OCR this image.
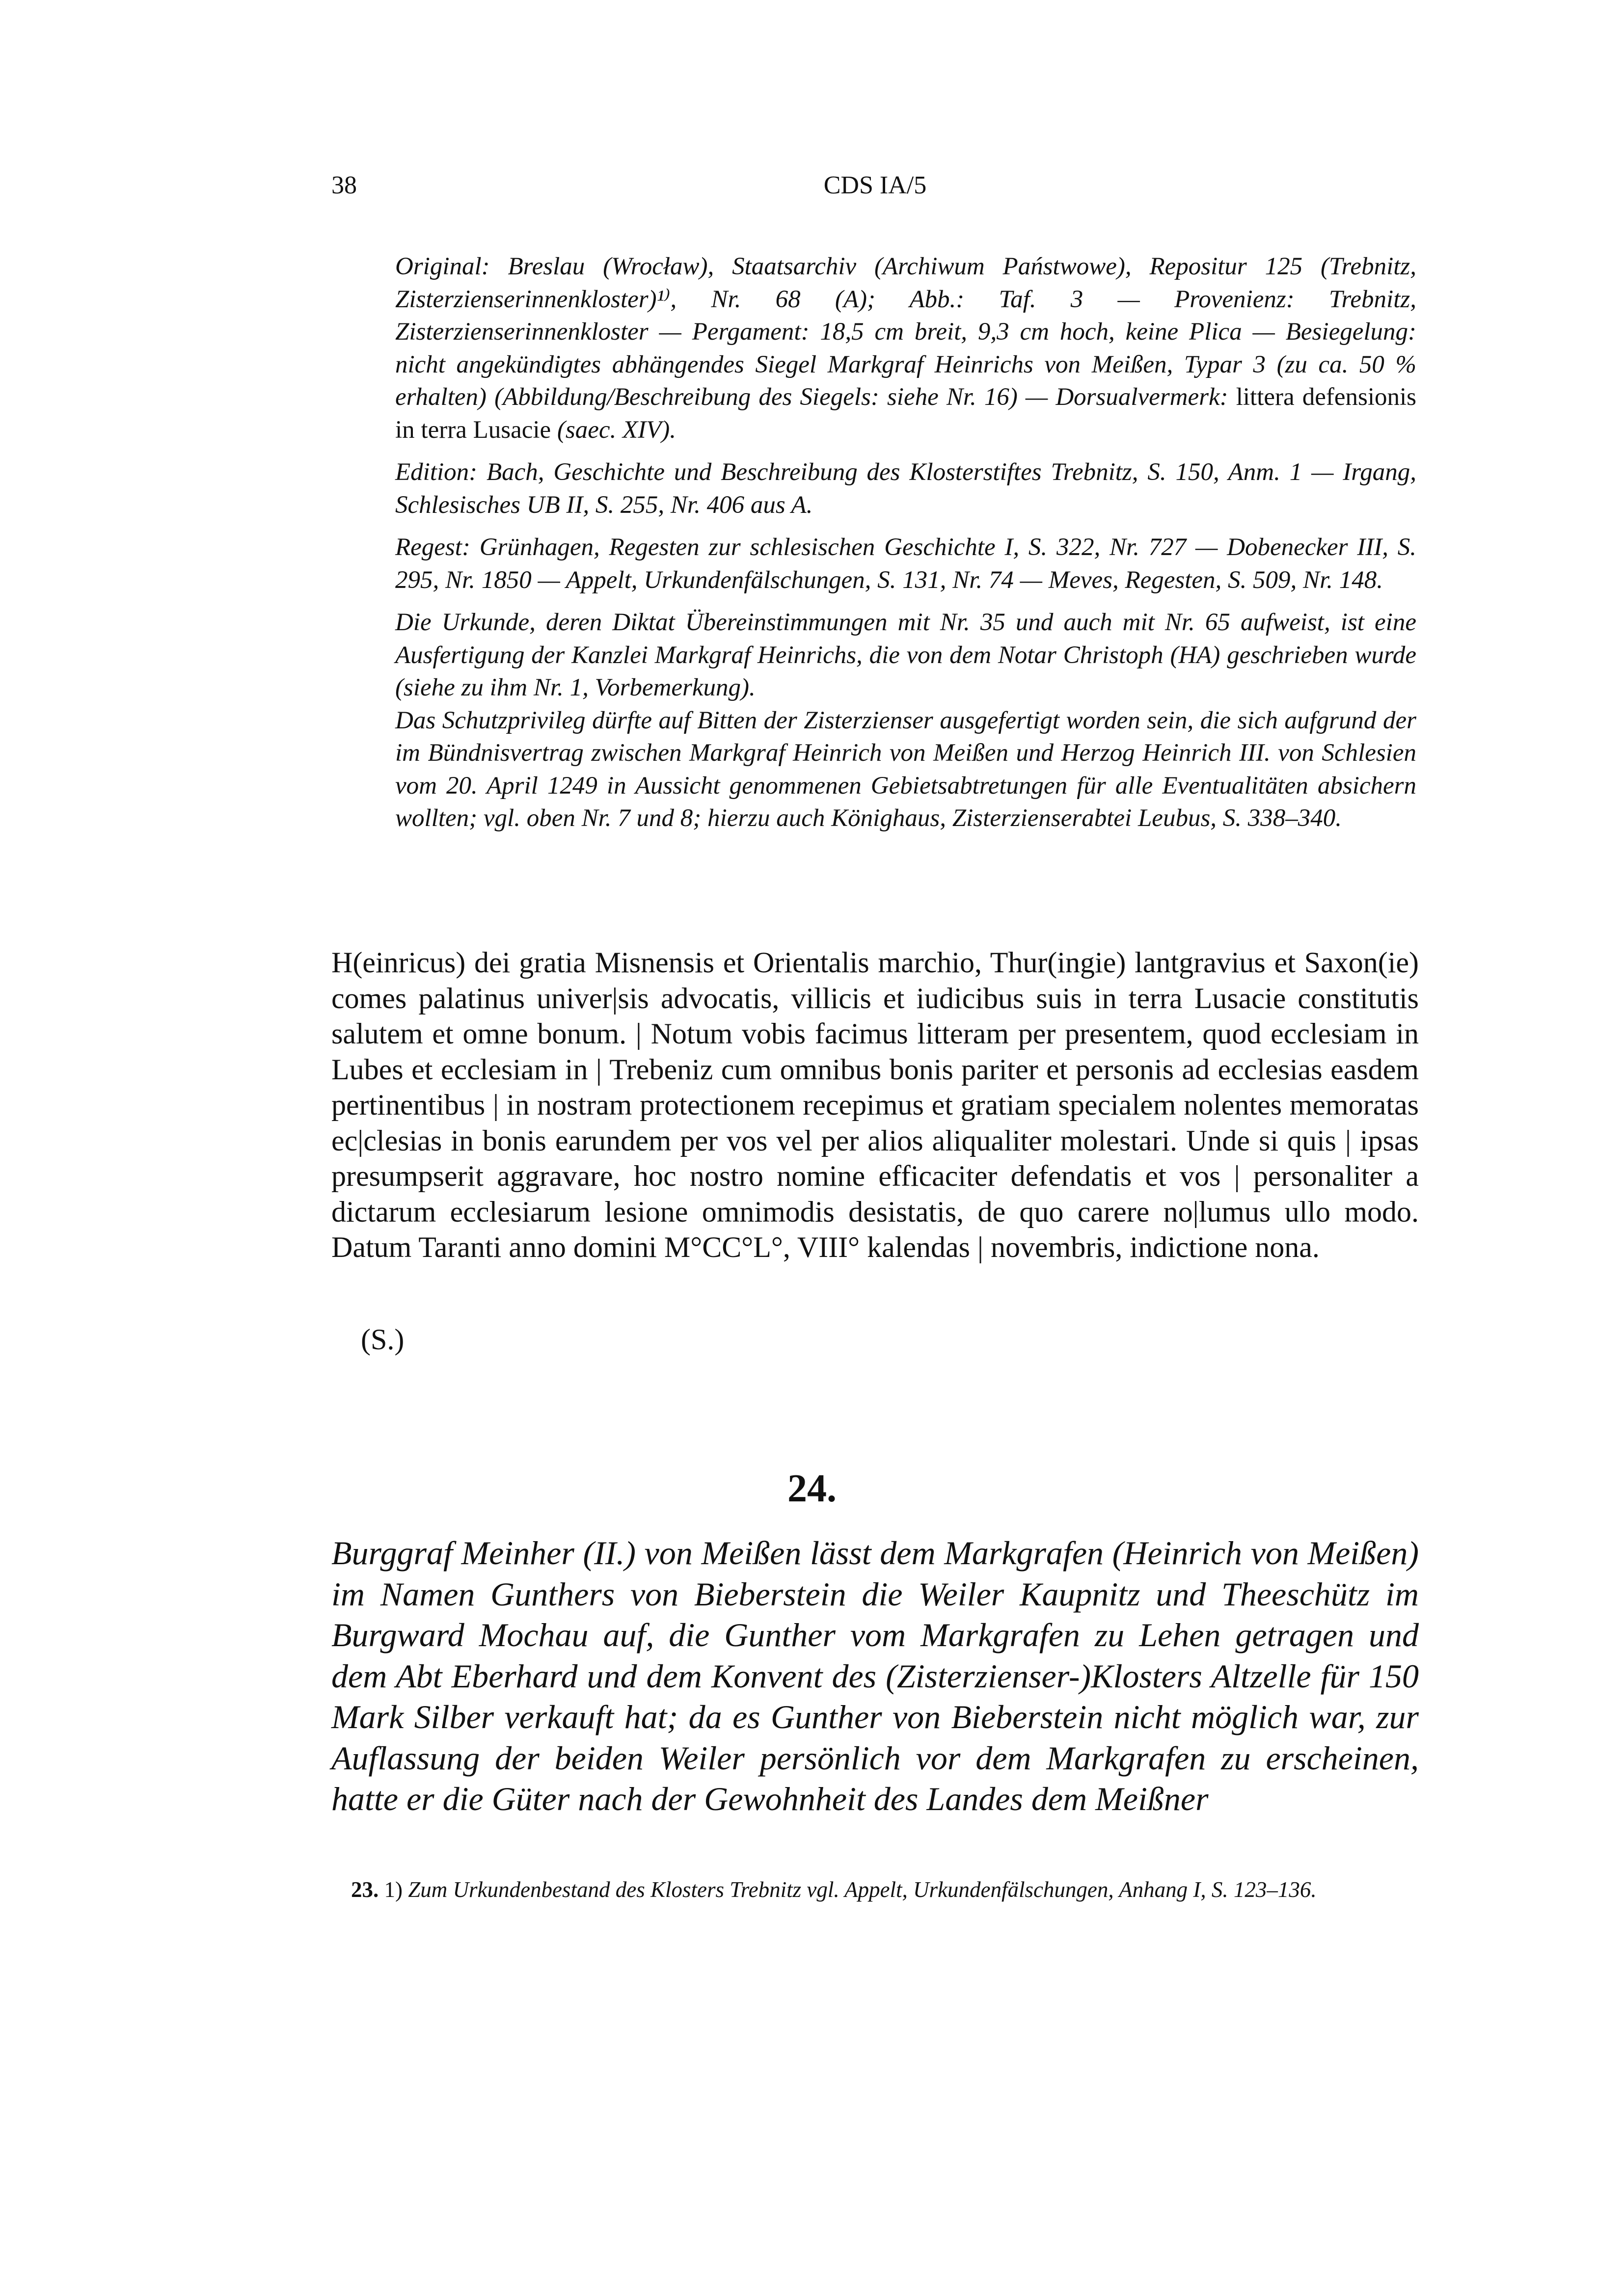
38	CDS IA/5

Original: Breslau (Wrocław), Staatsarchiv (Archiwum Państwowe), Repositur 125 (Trebnitz, Zisterzienserinnenkloster)¹⁾, Nr. 68 (A); Abb.: Taf. 3 — Provenienz: Trebnitz, Zisterzienserinnenkloster — Pergament: 18,5 cm breit, 9,3 cm hoch, keine Plica — Besiegelung: nicht angekündigtes abhängendes Siegel Markgraf Heinrichs von Meißen, Typar 3 (zu ca. 50 % erhalten) (Abbildung/Beschreibung des Siegels: siehe Nr. 16) — Dorsualvermerk: littera defensionis in terra Lusacie (saec. XIV).

Edition: Bach, Geschichte und Beschreibung des Klosterstiftes Trebnitz, S. 150, Anm. 1 — Irgang, Schlesisches UB II, S. 255, Nr. 406 aus A.

Regest: Grünhagen, Regesten zur schlesischen Geschichte I, S. 322, Nr. 727 — Dobenecker III, S. 295, Nr. 1850 — Appelt, Urkundenfälschungen, S. 131, Nr. 74 — Meves, Regesten, S. 509, Nr. 148.

Die Urkunde, deren Diktat Übereinstimmungen mit Nr. 35 und auch mit Nr. 65 aufweist, ist eine Ausfertigung der Kanzlei Markgraf Heinrichs, die von dem Notar Christoph (HA) geschrieben wurde (siehe zu ihm Nr. 1, Vorbemerkung).

Das Schutzprivileg dürfte auf Bitten der Zisterzienser ausgefertigt worden sein, die sich aufgrund der im Bündnisvertrag zwischen Markgraf Heinrich von Meißen und Herzog Heinrich III. von Schlesien vom 20. April 1249 in Aussicht genommenen Gebietsabtretungen für alle Eventualitäten absichern wollten; vgl. oben Nr. 7 und 8; hierzu auch Könighaus, Zisterzienserabtei Leubus, S. 338–340.

H(einricus) dei gratia Misnensis et Orientalis marchio, Thur(ingie) lantgravius et Saxon(ie) comes palatinus univer|sis advocatis, villicis et iudicibus suis in terra Lusacie constitutis salutem et omne bonum. | Notum vobis facimus litteram per presentem, quod ecclesiam in Lubes et ecclesiam in | Trebeniz cum omnibus bonis pariter et personis ad ecclesias easdem pertinentibus | in nostram protectionem recepimus et gratiam specialem nolentes memoratas ec|clesias in bonis earundem per vos vel per alios aliqualiter molestari. Unde si quis | ipsas presumpserit aggravare, hoc nostro nomine efficaciter defendatis et vos | personaliter a dictarum ecclesiarum lesione omnimodis desistatis, de quo carere no|lumus ullo modo. Datum Taranti anno domini M°CC°L°, VIII° kalendas | novembris, indictione nona.

(S.)

24.

Burggraf Meinher (II.) von Meißen lässt dem Markgrafen (Heinrich von Meißen) im Namen Gunthers von Bieberstein die Weiler Kaupnitz und Theeschütz im Burgward Mochau auf, die Gunther vom Markgrafen zu Lehen getragen und dem Abt Eberhard und dem Konvent des (Zisterzienser-)Klosters Altzelle für 150 Mark Silber verkauft hat; da es Gunther von Bieberstein nicht möglich war, zur Auflassung der beiden Weiler persönlich vor dem Markgrafen zu erscheinen, hatte er die Güter nach der Gewohnheit des Landes dem Meißner

23. 1) Zum Urkundenbestand des Klosters Trebnitz vgl. Appelt, Urkundenfälschungen, Anhang I, S. 123–136.
